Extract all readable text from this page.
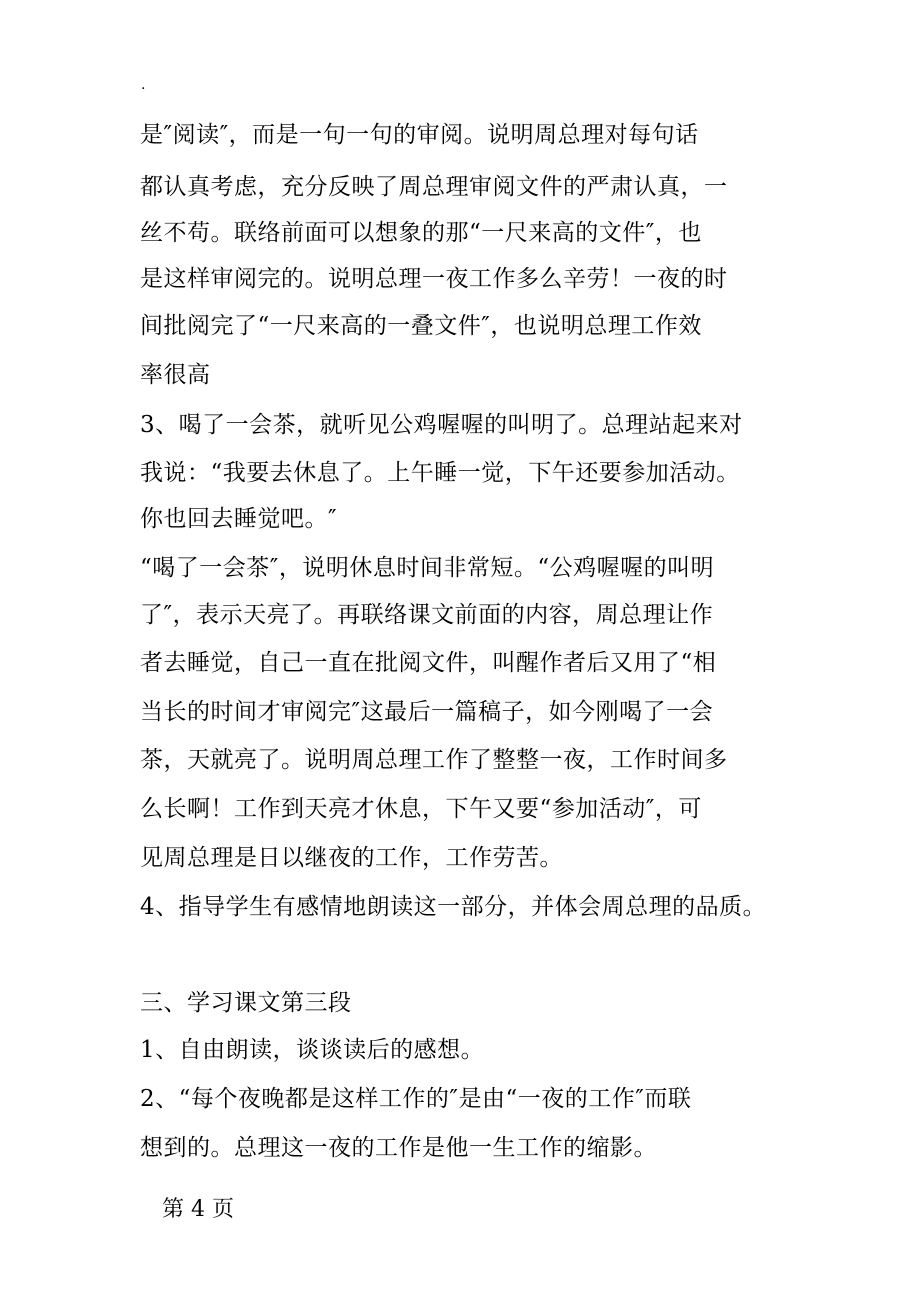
.
是″阅读″，而是一句一句的审阅。说明周总理对每句话
都认真考虑，充分反映了周总理审阅文件的严肃认真，一
丝不苟。联络前面可以想象的那“一尺来高的文件″，也
是这样审阅完的。说明总理一夜工作多么辛劳！一夜的时
间批阅完了“一尺来高的一叠文件″，也说明总理工作效
率很高
3、喝了一会茶，就听见公鸡喔喔的叫明了。总理站起来对
我说：“我要去休息了。上午睡一觉，下午还要参加活动。
你也回去睡觉吧。″
“喝了一会茶″，说明休息时间非常短。“公鸡喔喔的叫明
了″，表示天亮了。再联络课文前面的内容，周总理让作
者去睡觉，自己一直在批阅文件，叫醒作者后又用了“相
当长的时间才审阅完″这最后一篇稿子，如今刚喝了一会
茶，天就亮了。说明周总理工作了整整一夜，工作时间多
么长啊！工作到天亮才休息，下午又要“参加活动″，可
见周总理是日以继夜的工作，工作劳苦。
4、指导学生有感情地朗读这一部分，并体会周总理的品质。
三、学习课文第三段
1、自由朗读，谈谈读后的感想。
2、“每个夜晚都是这样工作的″是由“一夜的工作″而联
想到的。总理这一夜的工作是他一生工作的缩影。
第 4 页
